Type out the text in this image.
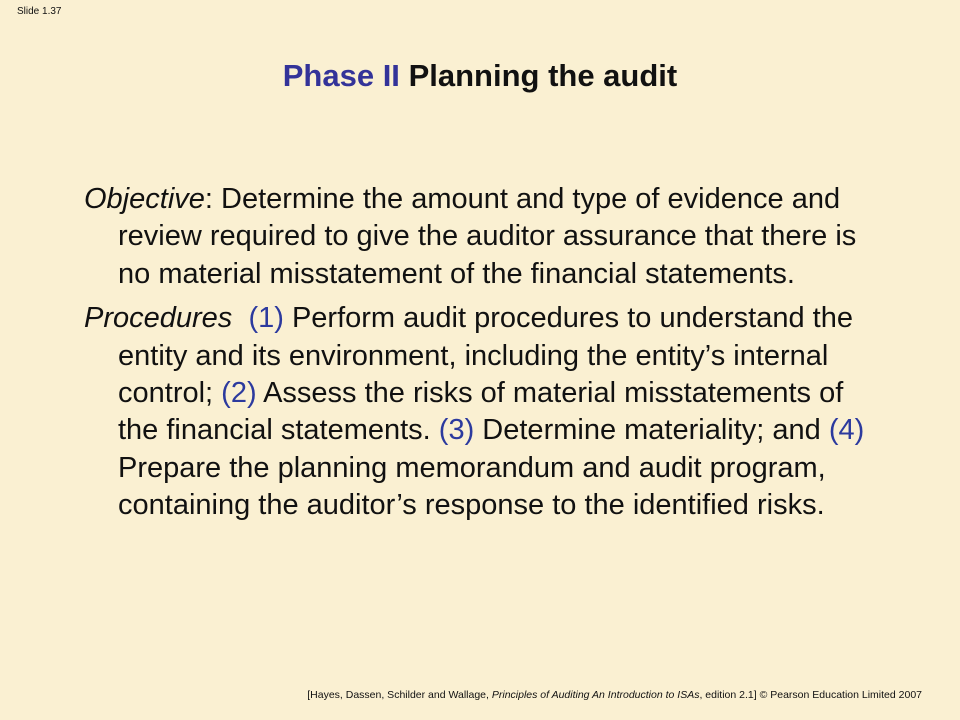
Slide 1.37
Phase II Planning the audit

Objective: Determine the amount and type of evidence and review required to give the auditor assurance that there is no material misstatement of the financial statements.

Procedures (1) Perform audit procedures to understand the entity and its environment, including the entity’s internal control; (2) Assess the risks of material misstatements of the financial statements. (3) Determine materiality; and (4) Prepare the planning memorandum and audit program, containing the auditor’s response to the identified risks.

[Hayes, Dassen, Schilder and Wallage, Principles of Auditing An Introduction to ISAs, edition 2.1] © Pearson Education Limited 2007
